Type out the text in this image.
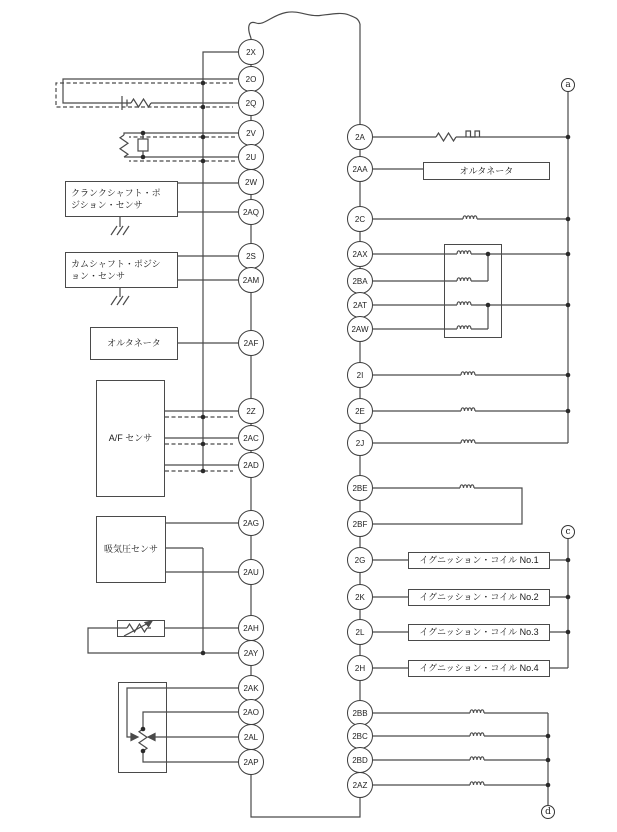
クランクシャフト・ポ
ジション・センサ
カムシャフト・ポジシ
ョン・センサ
オルタネータ
A/F センサ
吸気圧センサ
オルタネータ
イグニッション・コイル No.1
イグニッション・コイル No.2
イグニッション・コイル No.3
イグニッション・コイル No.4
2X
2O
2Q
2V
2U
2W
2AQ
2S
2AM
2AF
2Z
2AC
2AD
2AG
2AU
2AH
2AY
2AK
2AO
2AL
2AP
2A
2AA
2C
2AX
2BA
2AT
2AW
2I
2E
2J
2BE
2BF
2G
2K
2L
2H
2BB
2BC
2BD
2AZ
a
c
d
